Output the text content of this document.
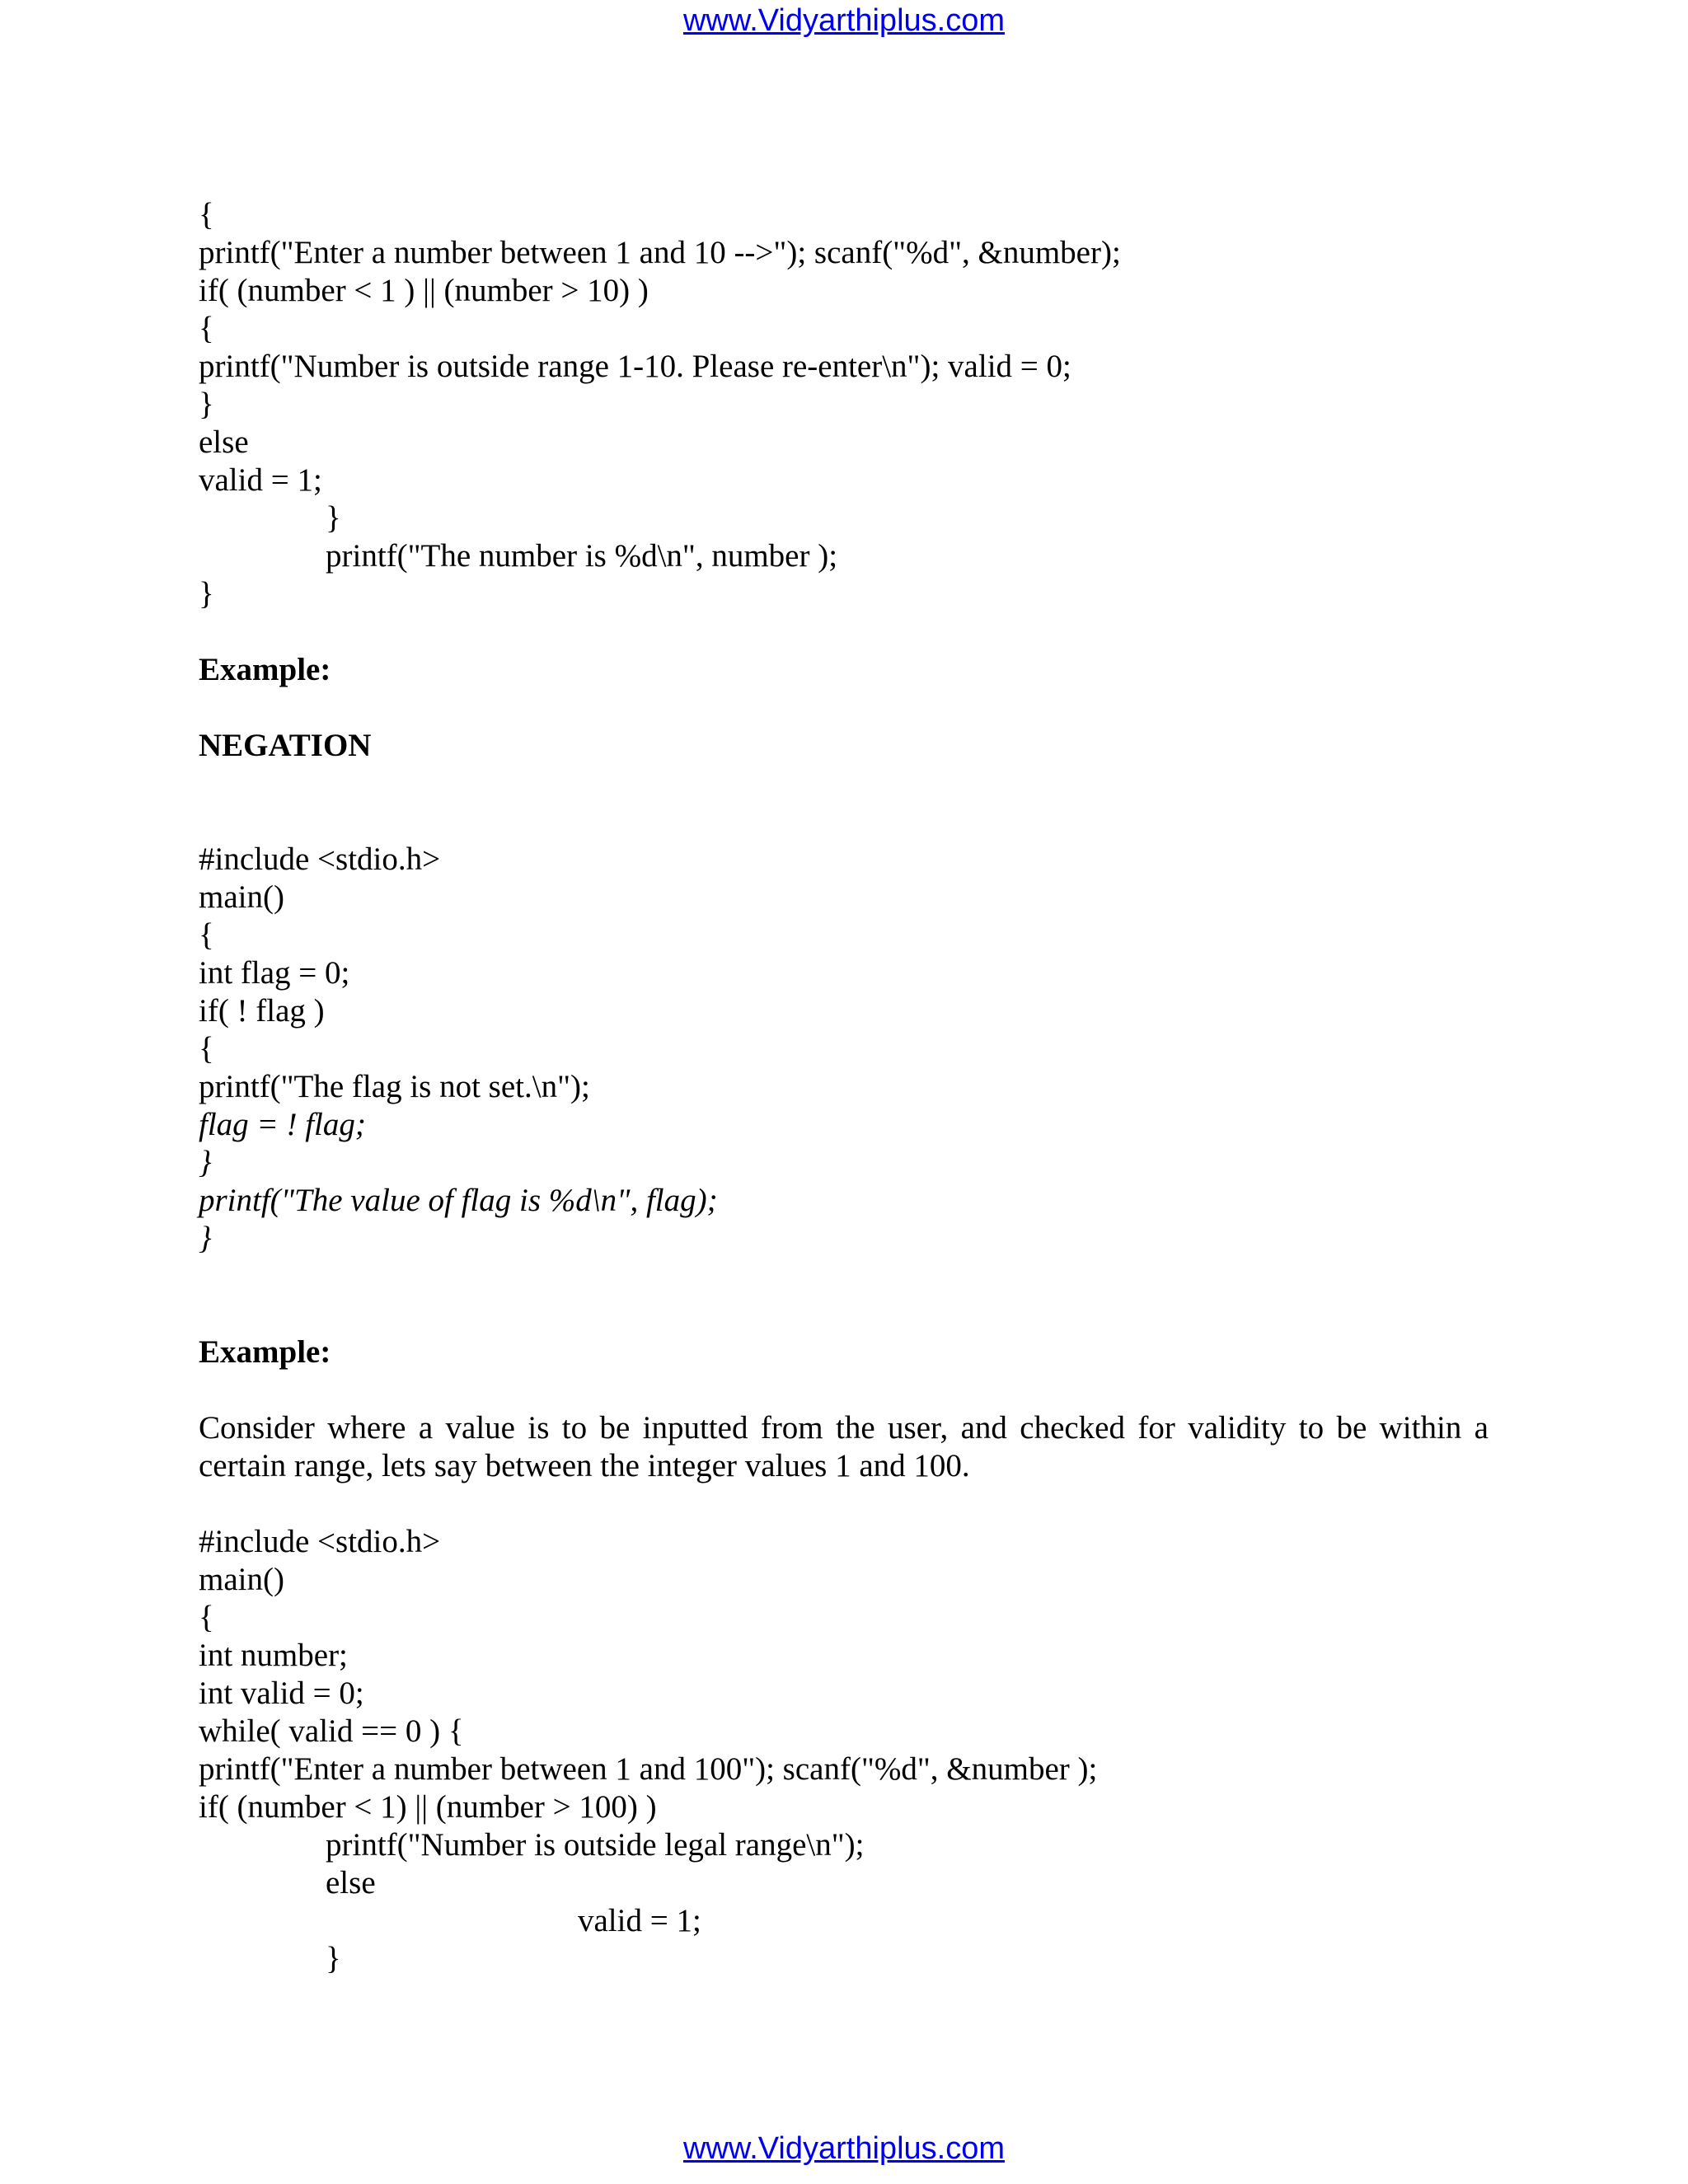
www.Vidyarthiplus.com
{
printf("Enter a number between 1 and 10 -->"); scanf("%d", &number);
if( (number < 1 ) || (number > 10) )
{
printf("Number is outside range 1-10. Please re-enter\n"); valid = 0;
}
else
valid = 1;
}
printf("The number is %d\n", number );
}
Example:
NEGATION
#include <stdio.h>
main()
{
int flag = 0;
if( ! flag )
{
printf("The flag is not set.\n");
flag = ! flag;
}
printf("The value of flag is %d\n", flag);
}
Example:
Consider where a value is to be inputted from the user, and checked for validity to be within a certain range, lets say between the integer values 1 and 100.
#include <stdio.h>
main()
{
int number;
int valid = 0;
while( valid == 0 ) {
printf("Enter a number between 1 and 100"); scanf("%d", &number );
if( (number < 1) || (number > 100) )
printf("Number is outside legal range\n");
else
valid = 1;
}
www.Vidyarthiplus.com
